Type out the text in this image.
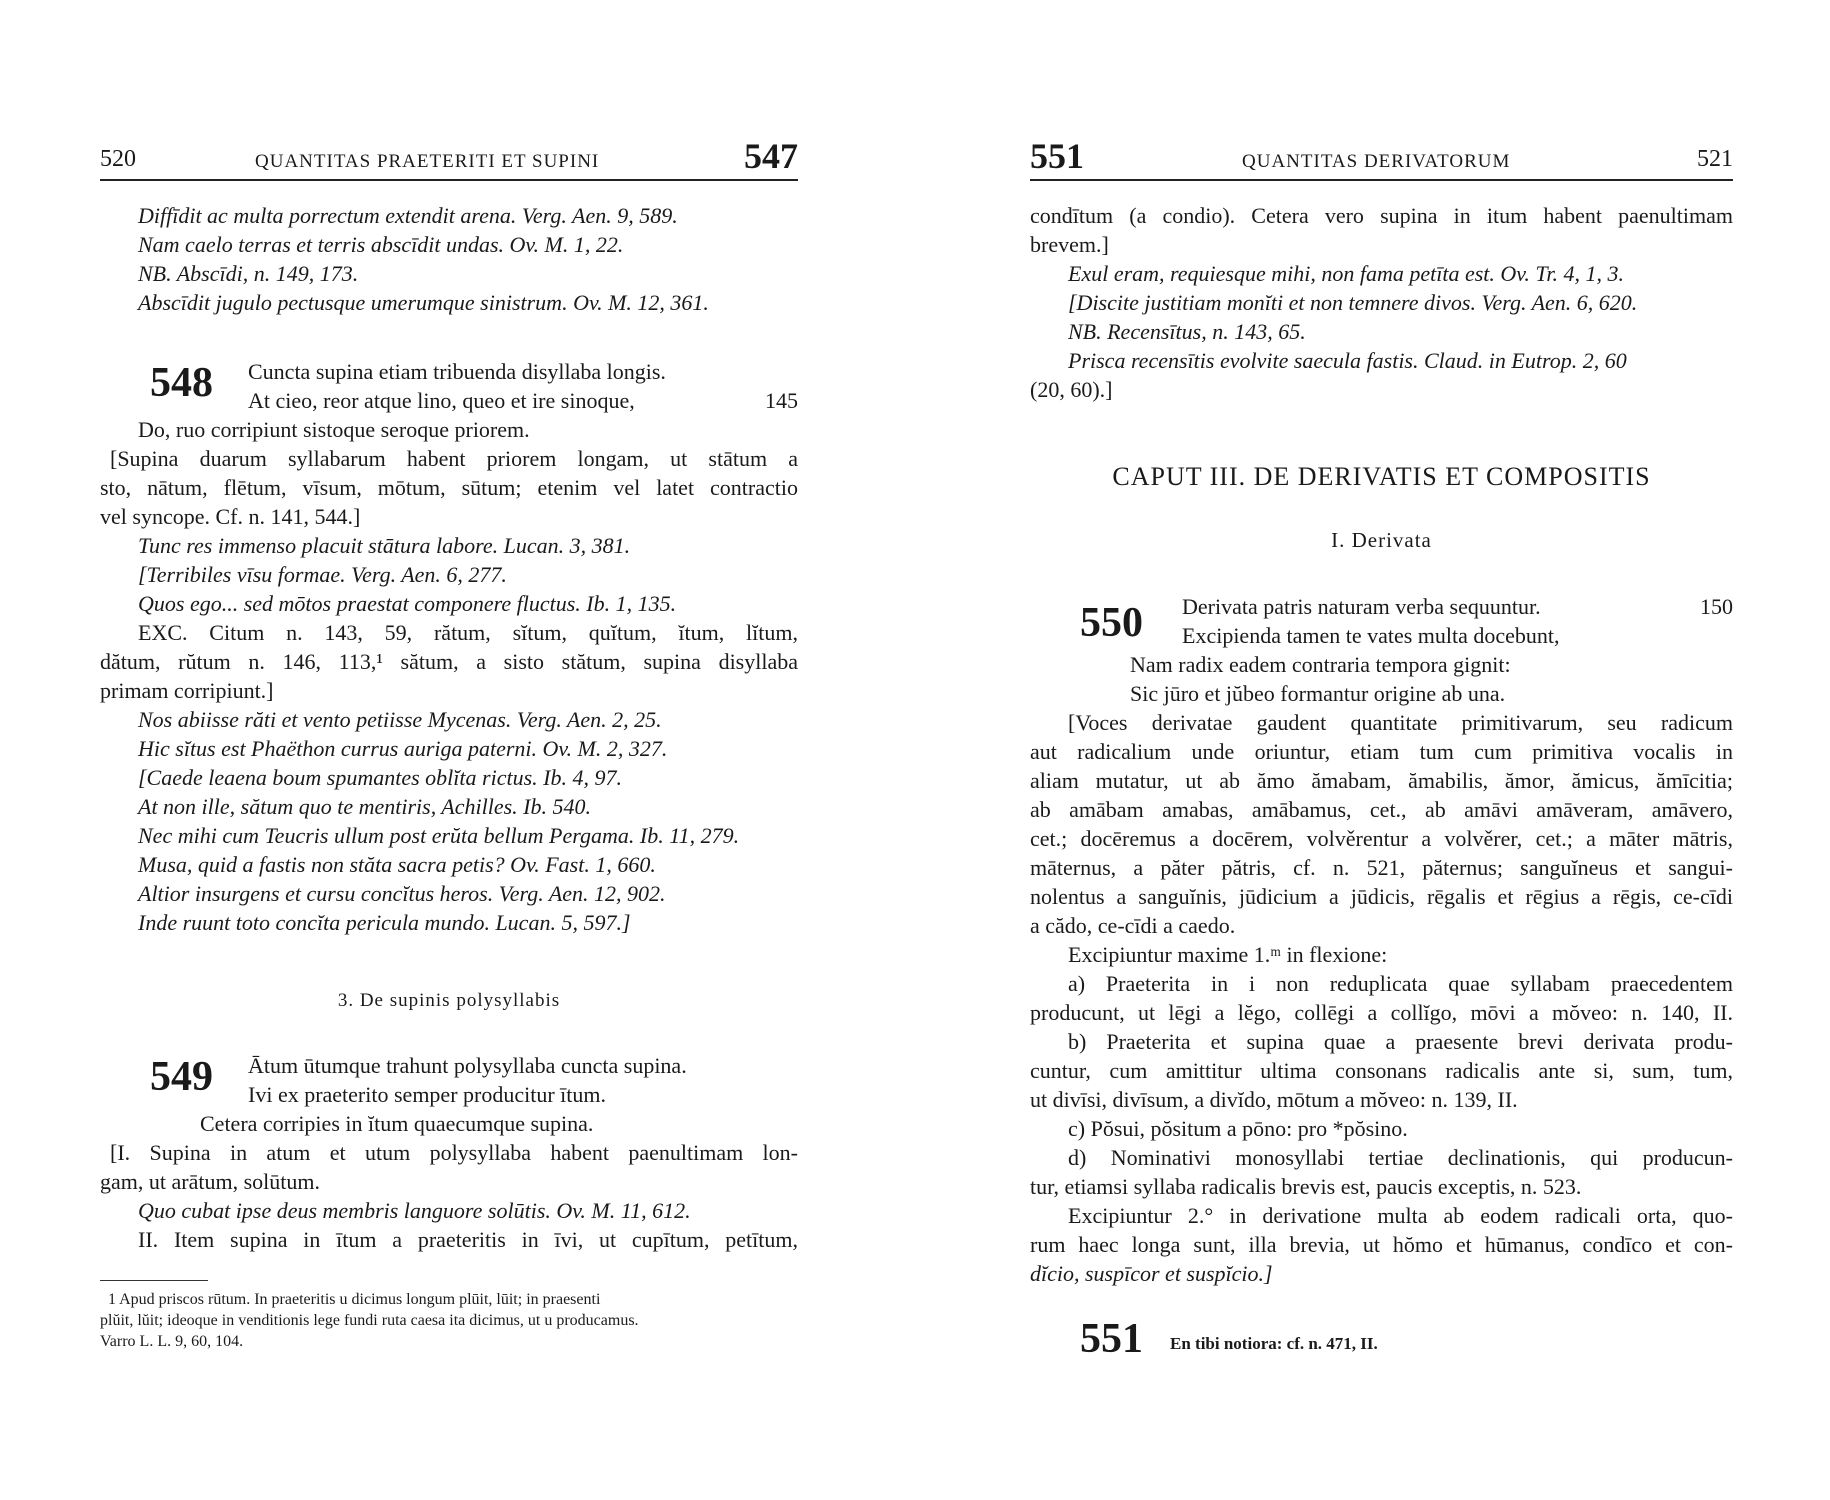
520	QUANTITAS PRAETERITI ET SUPINI	547
Diffīdit ac multa porrectum extendit arena. Verg. Aen. 9, 589.
Nam caelo terras et terris abscīdit undas. Ov. M. 1, 22.
NB. Abscīdi, n. 149, 173.
Abscīdit jugulo pectusque umerumque sinistrum. Ov. M. 12, 361.
548 Cuncta supina etiam tribuenda disyllaba longis.
At cieo, reor atque lino, queo et ire sinoque,	145
Do, ruo corripiunt sistoque seroque priorem.
[Supina duarum syllabarum habent priorem longam, ut stātum a
sto, nātum, flētum, vīsum, mōtum, sūtum; etenim vel latet contractio
vel syncope. Cf. n. 141, 544.]
Tunc res immenso placuit stātura labore. Lucan. 3, 381.
[Terribiles vīsu formae. Verg. Aen. 6, 277.
Quos ego... sed mōtos praestat componere fluctus. Ib. 1, 135.
EXC. Citum n. 143, 59, rătum, sĭtum, quĭtum, ĭtum, lĭtum,
dătum, rŭtum n. 146, 113,¹ sătum, a sisto stătum, supina disyllaba
primam corripiunt.]
Nos abiisse răti et vento petiisse Mycenas. Verg. Aen. 2, 25.
Hic sĭtus est Phaëthon currus auriga paterni. Ov. M. 2, 327.
[Caede leaena boum spumantes oblĭta rictus. Ib. 4, 97.
At non ille, sătum quo te mentiris, Achilles. Ib. 540.
Nec mihi cum Teucris ullum post erŭta bellum Pergama. Ib. 11, 279.
Musa, quid a fastis non stăta sacra petis? Ov. Fast. 1, 660.
Altior insurgens et cursu concĭtus heros. Verg. Aen. 12, 902.
Inde ruunt toto concĭta pericula mundo. Lucan. 5, 597.]
3. De supinis polysyllabis
549 Ātum ūtumque trahunt polysyllaba cuncta supina.
Ivi ex praeterito semper producitur ītum.
Cetera corripies in ĭtum quaecumque supina.
[I. Supina in atum et utum polysyllaba habent paenultimam lon-
gam, ut arātum, solūtum.
Quo cubat ipse deus membris languore solūtis. Ov. M. 11, 612.
II. Item supina in ītum a praeteritis in īvi, ut cupītum, petītum,
1 Apud priscos rūtum. In praeteritis u dicimus longum plūit, lūit; in praesenti
plŭit, lŭit; ideoque in venditionis lege fundi ruta caesa ita dicimus, ut u producamus.
Varro L. L. 9, 60, 104.
551	QUANTITAS DERIVATORUM	521
condītum (a condio). Cetera vero supina in itum habent paenultimam
brevem.]
Exul eram, requiesque mihi, non fama petīta est. Ov. Tr. 4, 1, 3.
[Discite justitiam monĭti et non temnere divos. Verg. Aen. 6, 620.
NB. Recensītus, n. 143, 65.
Prisca recensītis evolvite saecula fastis. Claud. in Eutrop. 2, 60
(20, 60).]
CAPUT III. DE DERIVATIS ET COMPOSITIS
I. Derivata
550 Derivata patris naturam verba sequuntur.	150
Excipienda tamen te vates multa docebunt,
Nam radix eadem contraria tempora gignit:
Sic jūro et jŭbeo formantur origine ab una.
[Voces derivatae gaudent quantitate primitivarum, seu radicum
aut radicalium unde oriuntur, etiam tum cum primitiva vocalis in
aliam mutatur, ut ab ămo ămabam, ămabilis, ămor, ămicus, ămīcitia;
ab amābam amabas, amābamus, cet., ab amāvi amāveram, amāvero,
cet.; docēremus a docērem, volvěrentur a volvěrer, cet.; a māter mātris,
māternus, a păter pătris, cf. n. 521, păternus; sanguĭneus et sangui-
nolentus a sanguĭnis, jūdicium a jūdicis, rēgalis et rēgius a rēgis, ce-cīdi
a cădo, ce-cīdi a caedo.
Excipiuntur maxime 1.ᵐ in flexione:
a) Praeterita in i non reduplicata quae syllabam praecedentem
producunt, ut lēgi a lĕgo, collēgi a collĭgo, mōvi a mŏveo: n. 140, II.
b) Praeterita et supina quae a praesente brevi derivata produ-
cuntur, cum amittitur ultima consonans radicalis ante si, sum, tum,
ut divīsi, divīsum, a divĭdo, mōtum a mŏveo: n. 139, II.
c) Pŏsui, pŏsitum a pōno: pro *pŏsino.
d) Nominativi monosyllabi tertiae declinationis, qui producun-
tur, etiamsi syllaba radicalis brevis est, paucis exceptis, n. 523.
Excipiuntur 2.° in derivatione multa ab eodem radicali orta, quo-
rum haec longa sunt, illa brevia, ut hŏmo et hūmanus, condīco et con-
dĭcio, suspīcor et suspĭcio.]
551 En tibi notiora: cf. n. 471, II.
